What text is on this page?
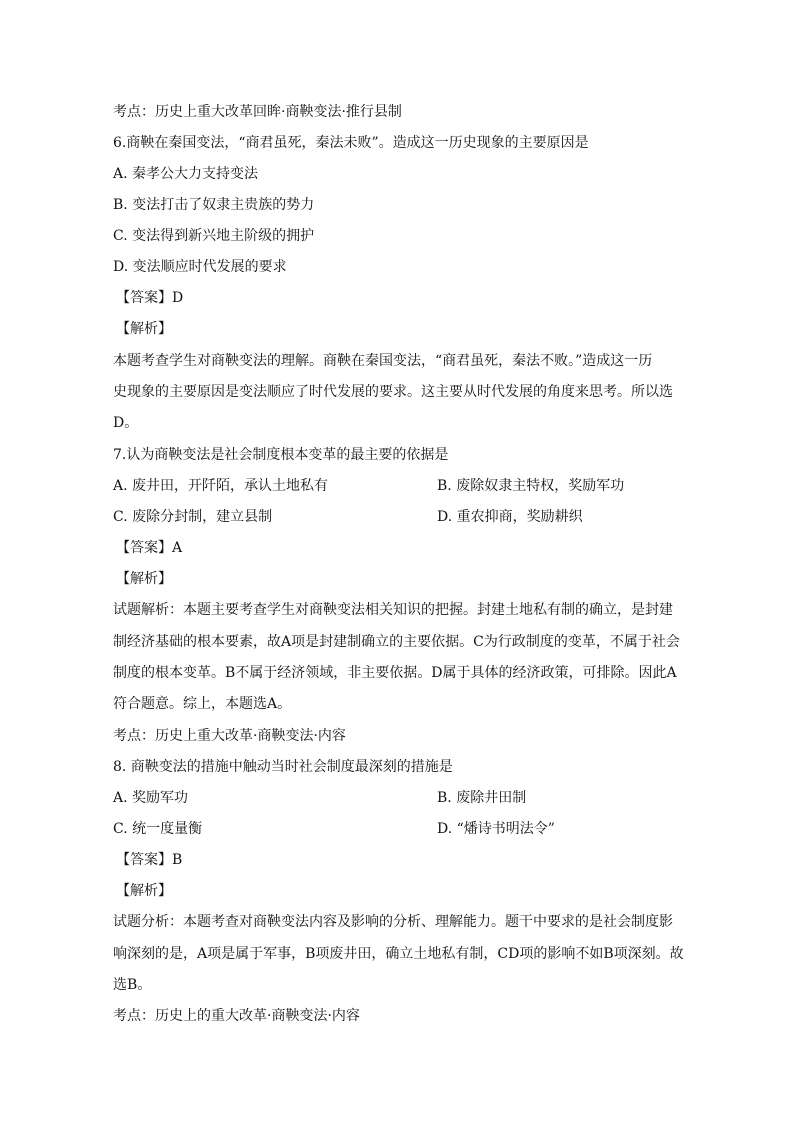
考点：历史上重大改革回眸·商鞅变法·推行县制
6.商鞅在秦国变法，“商君虽死，秦法未败”。造成这一历史现象的主要原因是
A. 秦孝公大力支持变法
B. 变法打击了奴隶主贵族的势力
C. 变法得到新兴地主阶级的拥护
D. 变法顺应时代发展的要求
【答案】D
【解析】
本题考查学生对商鞅变法的理解。商鞅在秦国变法，“商君虽死，秦法不败。”造成这一历
史现象的主要原因是变法顺应了时代发展的要求。这主要从时代发展的角度来思考。所以选
D。
7.认为商鞅变法是社会制度根本变革的最主要的依据是
A. 废井田，开阡陌，承认土地私有	B. 废除奴隶主特权，奖励军功
C. 废除分封制，建立县制	D. 重农抑商，奖励耕织
【答案】A
【解析】
试题解析：本题主要考查学生对商鞅变法相关知识的把握。封建土地私有制的确立，是封建
制经济基础的根本要素，故A项是封建制确立的主要依据。C为行政制度的变革，不属于社会
制度的根本变革。B不属于经济领域，非主要依据。D属于具体的经济政策，可排除。因此A
符合题意。综上，本题选A。
考点：历史上重大改革·商鞅变法·内容
8. 商鞅变法的措施中触动当时社会制度最深刻的措施是
A. 奖励军功	B. 废除井田制
C. 统一度量衡	D. “燔诗书明法令”
【答案】B
【解析】
试题分析：本题考查对商鞅变法内容及影响的分析、理解能力。题干中要求的是社会制度影
响深刻的是，A项是属于军事，B项废井田，确立土地私有制，CD项的影响不如B项深刻。故
选B。
考点：历史上的重大改革·商鞅变法·内容
